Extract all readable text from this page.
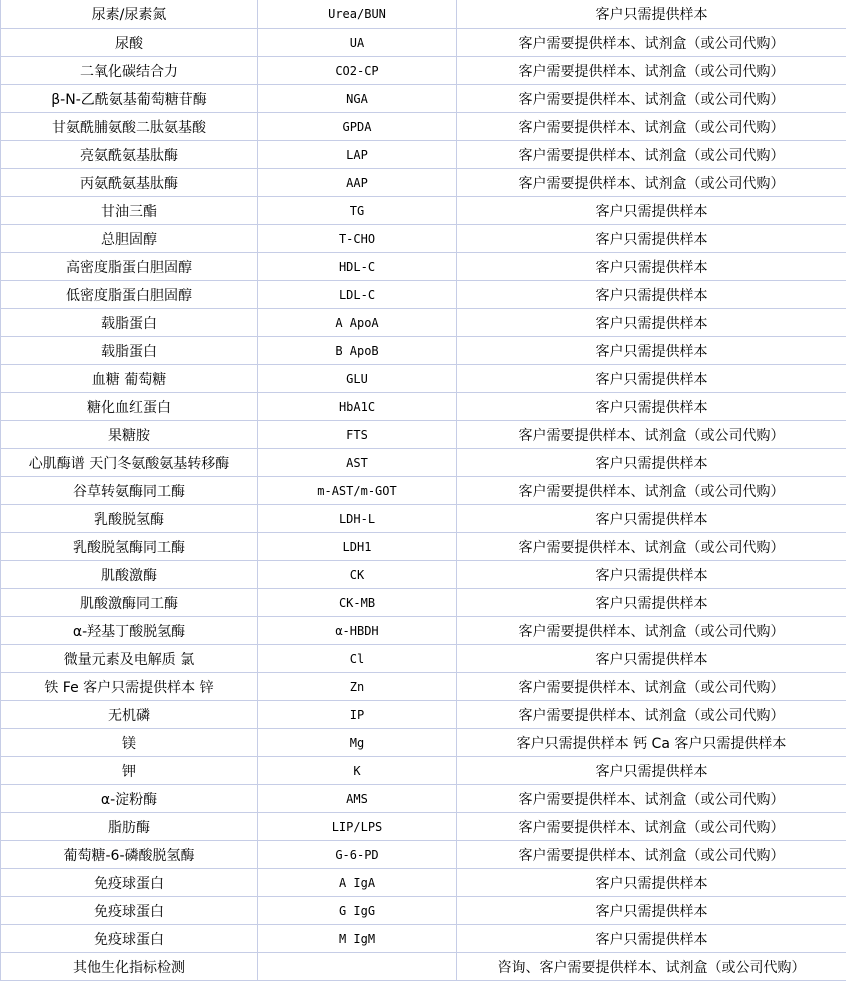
尿素/尿素氮	Urea/BUN	客户只需提供样本
尿酸	UA	客户需要提供样本、试剂盒（或公司代购）
二氧化碳结合力	CO2-CP	客户需要提供样本、试剂盒（或公司代购）
β-N-乙酰氨基葡萄糖苷酶	NGA	客户需要提供样本、试剂盒（或公司代购）
甘氨酰脯氨酸二肽氨基酸	GPDA	客户需要提供样本、试剂盒（或公司代购）
亮氨酰氨基肽酶	LAP	客户需要提供样本、试剂盒（或公司代购）
丙氨酰氨基肽酶	AAP	客户需要提供样本、试剂盒（或公司代购）
甘油三酯	TG	客户只需提供样本
总胆固醇	T-CHO	客户只需提供样本
高密度脂蛋白胆固醇	HDL-C	客户只需提供样本
低密度脂蛋白胆固醇	LDL-C	客户只需提供样本
载脂蛋白	A ApoA	客户只需提供样本
载脂蛋白	B ApoB	客户只需提供样本
血糖 葡萄糖	GLU	客户只需提供样本
糖化血红蛋白	HbA1C	客户只需提供样本
果糖胺	FTS	客户需要提供样本、试剂盒（或公司代购）
心肌酶谱 天门冬氨酸氨基转移酶	AST	客户只需提供样本
谷草转氨酶同工酶	m-AST/m-GOT	客户需要提供样本、试剂盒（或公司代购）
乳酸脱氢酶	LDH-L	客户只需提供样本
乳酸脱氢酶同工酶	LDH1	客户需要提供样本、试剂盒（或公司代购）
肌酸激酶	CK	客户只需提供样本
肌酸激酶同工酶	CK-MB	客户只需提供样本
α-羟基丁酸脱氢酶	α-HBDH	客户需要提供样本、试剂盒（或公司代购）
微量元素及电解质 氯	Cl	客户只需提供样本
铁 Fe 客户只需提供样本 锌	Zn	客户需要提供样本、试剂盒（或公司代购）
无机磷	IP	客户需要提供样本、试剂盒（或公司代购）
镁	Mg	客户只需提供样本 钙 Ca 客户只需提供样本
钾	K	客户只需提供样本
α-淀粉酶	AMS	客户需要提供样本、试剂盒（或公司代购）
脂肪酶	LIP/LPS	客户需要提供样本、试剂盒（或公司代购）
葡萄糖-6-磷酸脱氢酶	G-6-PD	客户需要提供样本、试剂盒（或公司代购）
免疫球蛋白	A IgA	客户只需提供样本
免疫球蛋白	G IgG	客户只需提供样本
免疫球蛋白	M IgM	客户只需提供样本
其他生化指标检测		咨询、客户需要提供样本、试剂盒（或公司代购）
